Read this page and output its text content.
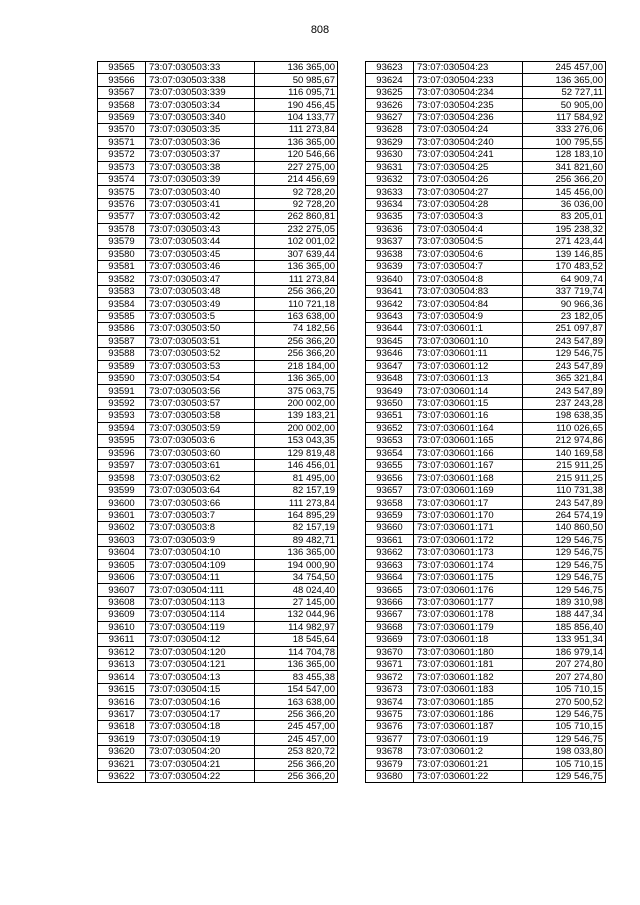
808
93565	73:07:030503:33	136 365,00
93566	73:07:030503:338	50 985,67
93567	73:07:030503:339	116 095,71
93568	73:07:030503:34	190 456,45
93569	73:07:030503:340	104 133,77
93570	73:07:030503:35	111 273,84
93571	73:07:030503:36	136 365,00
93572	73:07:030503:37	120 546,66
93573	73:07:030503:38	227 275,00
93574	73:07:030503:39	214 456,69
93575	73:07:030503:40	92 728,20
93576	73:07:030503:41	92 728,20
93577	73:07:030503:42	262 860,81
93578	73:07:030503:43	232 275,05
93579	73:07:030503:44	102 001,02
93580	73:07:030503:45	307 639,44
93581	73:07:030503:46	136 365,00
93582	73:07:030503:47	111 273,84
93583	73:07:030503:48	256 366,20
93584	73:07:030503:49	110 721,18
93585	73:07:030503:5	163 638,00
93586	73:07:030503:50	74 182,56
93587	73:07:030503:51	256 366,20
93588	73:07:030503:52	256 366,20
93589	73:07:030503:53	218 184,00
93590	73:07:030503:54	136 365,00
93591	73:07:030503:56	375 063,75
93592	73:07:030503:57	200 002,00
93593	73:07:030503:58	139 183,21
93594	73:07:030503:59	200 002,00
93595	73:07:030503:6	153 043,35
93596	73:07:030503:60	129 819,48
93597	73:07:030503:61	146 456,01
93598	73:07:030503:62	81 495,00
93599	73:07:030503:64	82 157,19
93600	73:07:030503:66	111 273,84
93601	73:07:030503:7	164 895,29
93602	73:07:030503:8	82 157,19
93603	73:07:030503:9	89 482,71
93604	73:07:030504:10	136 365,00
93605	73:07:030504:109	194 000,90
93606	73:07:030504:11	34 754,50
93607	73:07:030504:111	48 024,40
93608	73:07:030504:113	27 145,00
93609	73:07:030504:114	132 044,96
93610	73:07:030504:119	114 982,97
93611	73:07:030504:12	18 545,64
93612	73:07:030504:120	114 704,78
93613	73:07:030504:121	136 365,00
93614	73:07:030504:13	83 455,38
93615	73:07:030504:15	154 547,00
93616	73:07:030504:16	163 638,00
93617	73:07:030504:17	256 366,20
93618	73:07:030504:18	245 457,00
93619	73:07:030504:19	245 457,00
93620	73:07:030504:20	253 820,72
93621	73:07:030504:21	256 366,20
93622	73:07:030504:22	256 366,20
93623	73:07:030504:23	245 457,00
93624	73:07:030504:233	136 365,00
93625	73:07:030504:234	52 727,11
93626	73:07:030504:235	50 905,00
93627	73:07:030504:236	117 584,92
93628	73:07:030504:24	333 276,06
93629	73:07:030504:240	100 795,55
93630	73:07:030504:241	128 183,10
93631	73:07:030504:25	341 821,60
93632	73:07:030504:26	256 366,20
93633	73:07:030504:27	145 456,00
93634	73:07:030504:28	36 036,00
93635	73:07:030504:3	83 205,01
93636	73:07:030504:4	195 238,32
93637	73:07:030504:5	271 423,44
93638	73:07:030504:6	139 146,85
93639	73:07:030504:7	170 483,52
93640	73:07:030504:8	64 909,74
93641	73:07:030504:83	337 719,74
93642	73:07:030504:84	90 966,36
93643	73:07:030504:9	23 182,05
93644	73:07:030601:1	251 097,87
93645	73:07:030601:10	243 547,89
93646	73:07:030601:11	129 546,75
93647	73:07:030601:12	243 547,89
93648	73:07:030601:13	365 321,84
93649	73:07:030601:14	243 547,89
93650	73:07:030601:15	237 243,28
93651	73:07:030601:16	198 638,35
93652	73:07:030601:164	110 026,65
93653	73:07:030601:165	212 974,86
93654	73:07:030601:166	140 169,58
93655	73:07:030601:167	215 911,25
93656	73:07:030601:168	215 911,25
93657	73:07:030601:169	110 731,38
93658	73:07:030601:17	243 547,89
93659	73:07:030601:170	264 574,19
93660	73:07:030601:171	140 860,50
93661	73:07:030601:172	129 546,75
93662	73:07:030601:173	129 546,75
93663	73:07:030601:174	129 546,75
93664	73:07:030601:175	129 546,75
93665	73:07:030601:176	129 546,75
93666	73:07:030601:177	189 310,98
93667	73:07:030601:178	188 447,34
93668	73:07:030601:179	185 856,40
93669	73:07:030601:18	133 951,34
93670	73:07:030601:180	186 979,14
93671	73:07:030601:181	207 274,80
93672	73:07:030601:182	207 274,80
93673	73:07:030601:183	105 710,15
93674	73:07:030601:185	270 500,52
93675	73:07:030601:186	129 546,75
93676	73:07:030601:187	105 710,15
93677	73:07:030601:19	129 546,75
93678	73:07:030601:2	198 033,80
93679	73:07:030601:21	105 710,15
93680	73:07:030601:22	129 546,75
